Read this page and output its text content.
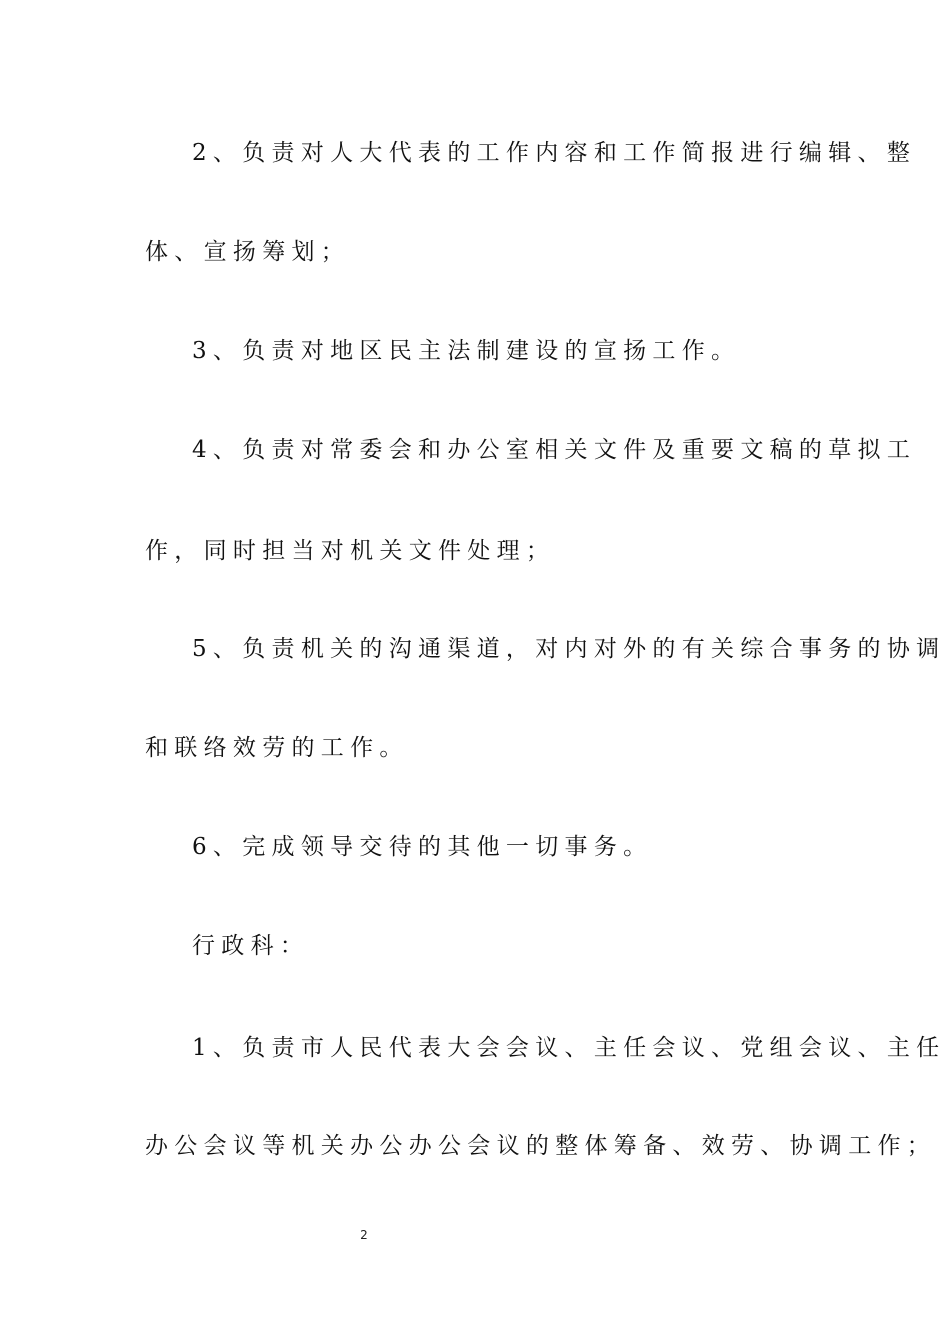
2、负责对人大代表的工作内容和工作简报进行编辑、整
体、宣扬筹划；
3、负责对地区民主法制建设的宣扬工作。
4、负责对常委会和办公室相关文件及重要文稿的草拟工
作，同时担当对机关文件处理；
5、负责机关的沟通渠道，对内对外的有关综合事务的协调
和联络效劳的工作。
6、完成领导交待的其他一切事务。
行政科：
1、负责市人民代表大会会议、主任会议、党组会议、主任
办公会议等机关办公办公会议的整体筹备、效劳、协调工作；
2
